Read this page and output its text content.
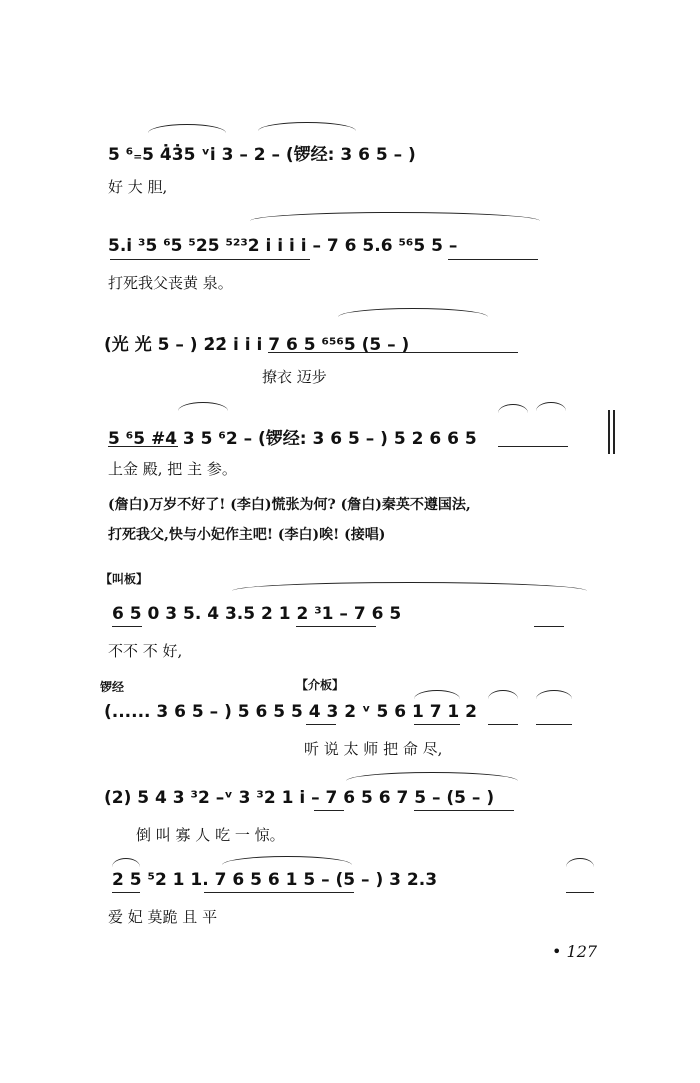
5 ⁶₌5 4̇3̇5 ᵛi̇ 3 – 2 – (锣经: 3 6 5 – )
好 大 胆,
5.i̇ ³5 ⁶5 ⁵25 ⁵²³2 i̇ i̇ i̇ i̇ – 7 6 5.6 ⁵⁶5 5 –
打死我父丧黄 泉。
(光 光 5 – ) 2̇2̇ i̇ i̇ i̇ 7 6 5 ⁶⁵⁶5 (5 – )
撩衣 迈步
5 ⁶5 #4 3 5 ⁶2 – (锣经: 3 6 5 – ) 5 2 6 6 5
上金 殿, 把 主 参。
(詹白)万岁不好了! (李白)慌张为何? (詹白)秦英不遵国法,
打死我父,快与小妃作主吧! (李白)唉! (接唱)
【叫板】
6 5 0 3 5. 4 3.5 2 1 2 ³1 – 7 6 5
不不 不 好,
锣经	【介板】
(...... 3 6 5 – ) 5 6 5 5 4 3 2 ᵛ 5 6 1 7 1 2
听 说 太 师 把 命 尽,
(2) 5 4 3 ³2 –ᵛ 3 ³2 1 i – 7 6 5 6 7 5 – (5 – )
倒 叫 寡 人 吃 一 惊。
2 5 ⁵2 1 1. 7 6 5 6 1 5 – (5 – ) 3 2.3
爱 妃 莫跪 且 平
• 127
